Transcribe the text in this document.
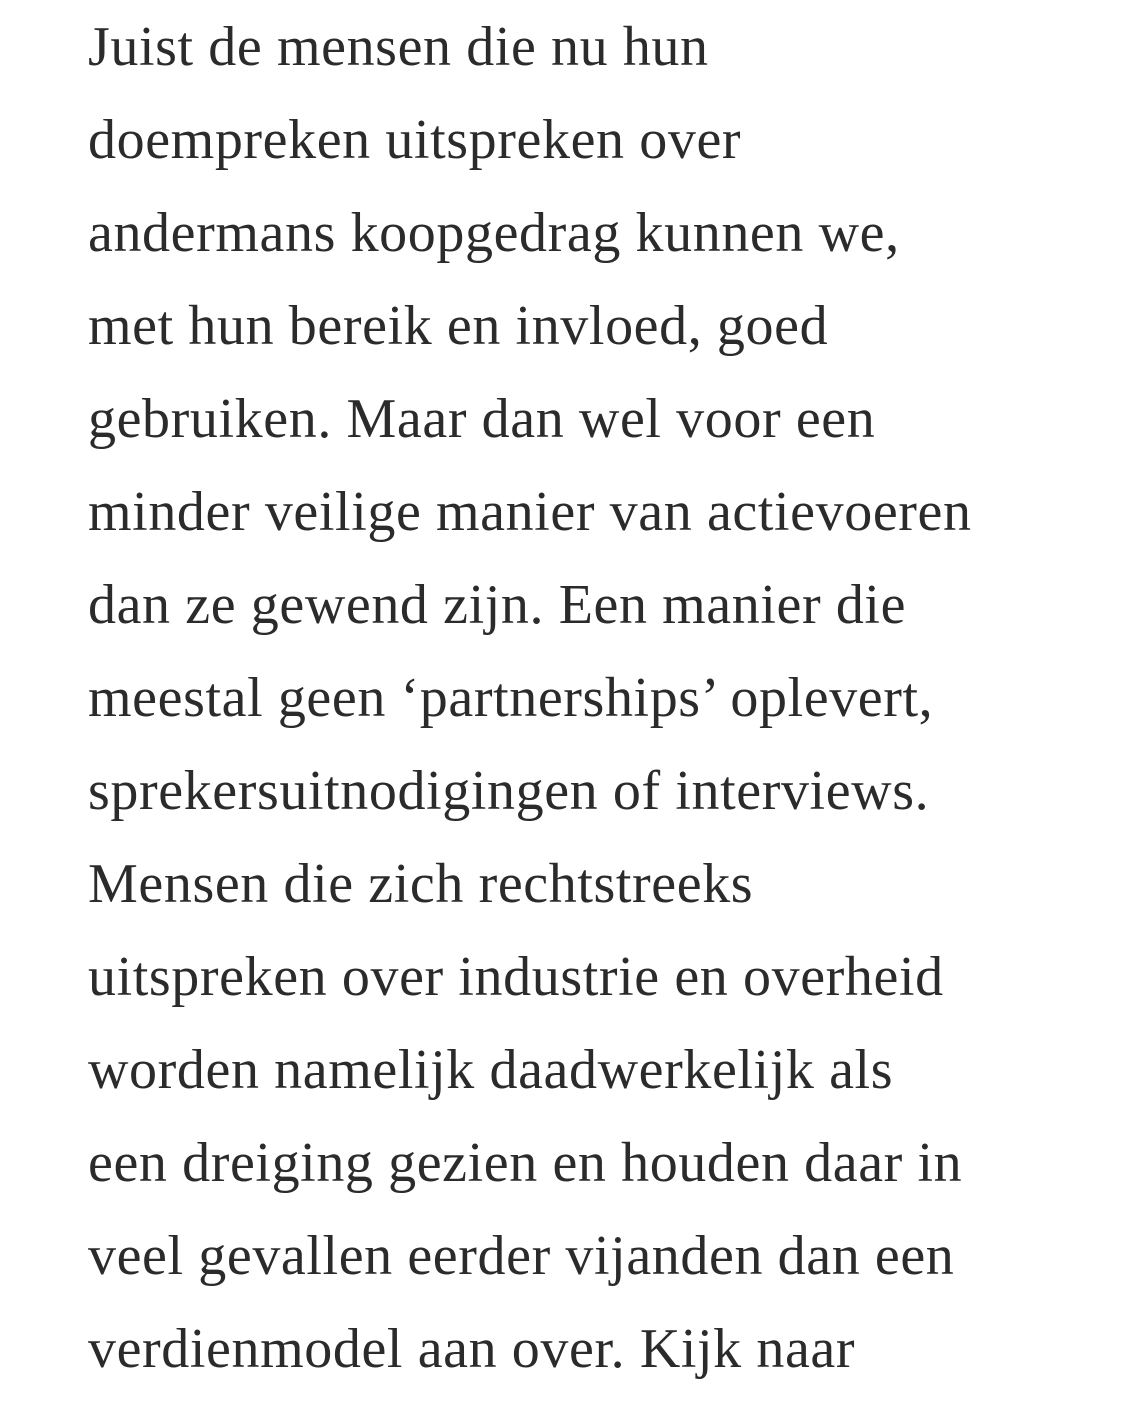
Juist de mensen die nu hun
doempreken uitspreken over
andermans koopgedrag kunnen we,
met hun bereik en invloed, goed
gebruiken. Maar dan wel voor een
minder veilige manier van actievoeren
dan ze gewend zijn. Een manier die
meestal geen ‘partnerships’ oplevert,
sprekersuitnodigingen of interviews.
Mensen die zich rechtstreeks
uitspreken over industrie en overheid
worden namelijk daadwerkelijk als
een dreiging gezien en houden daar in
veel gevallen eerder vijanden dan een
verdienmodel aan over. Kijk naar
